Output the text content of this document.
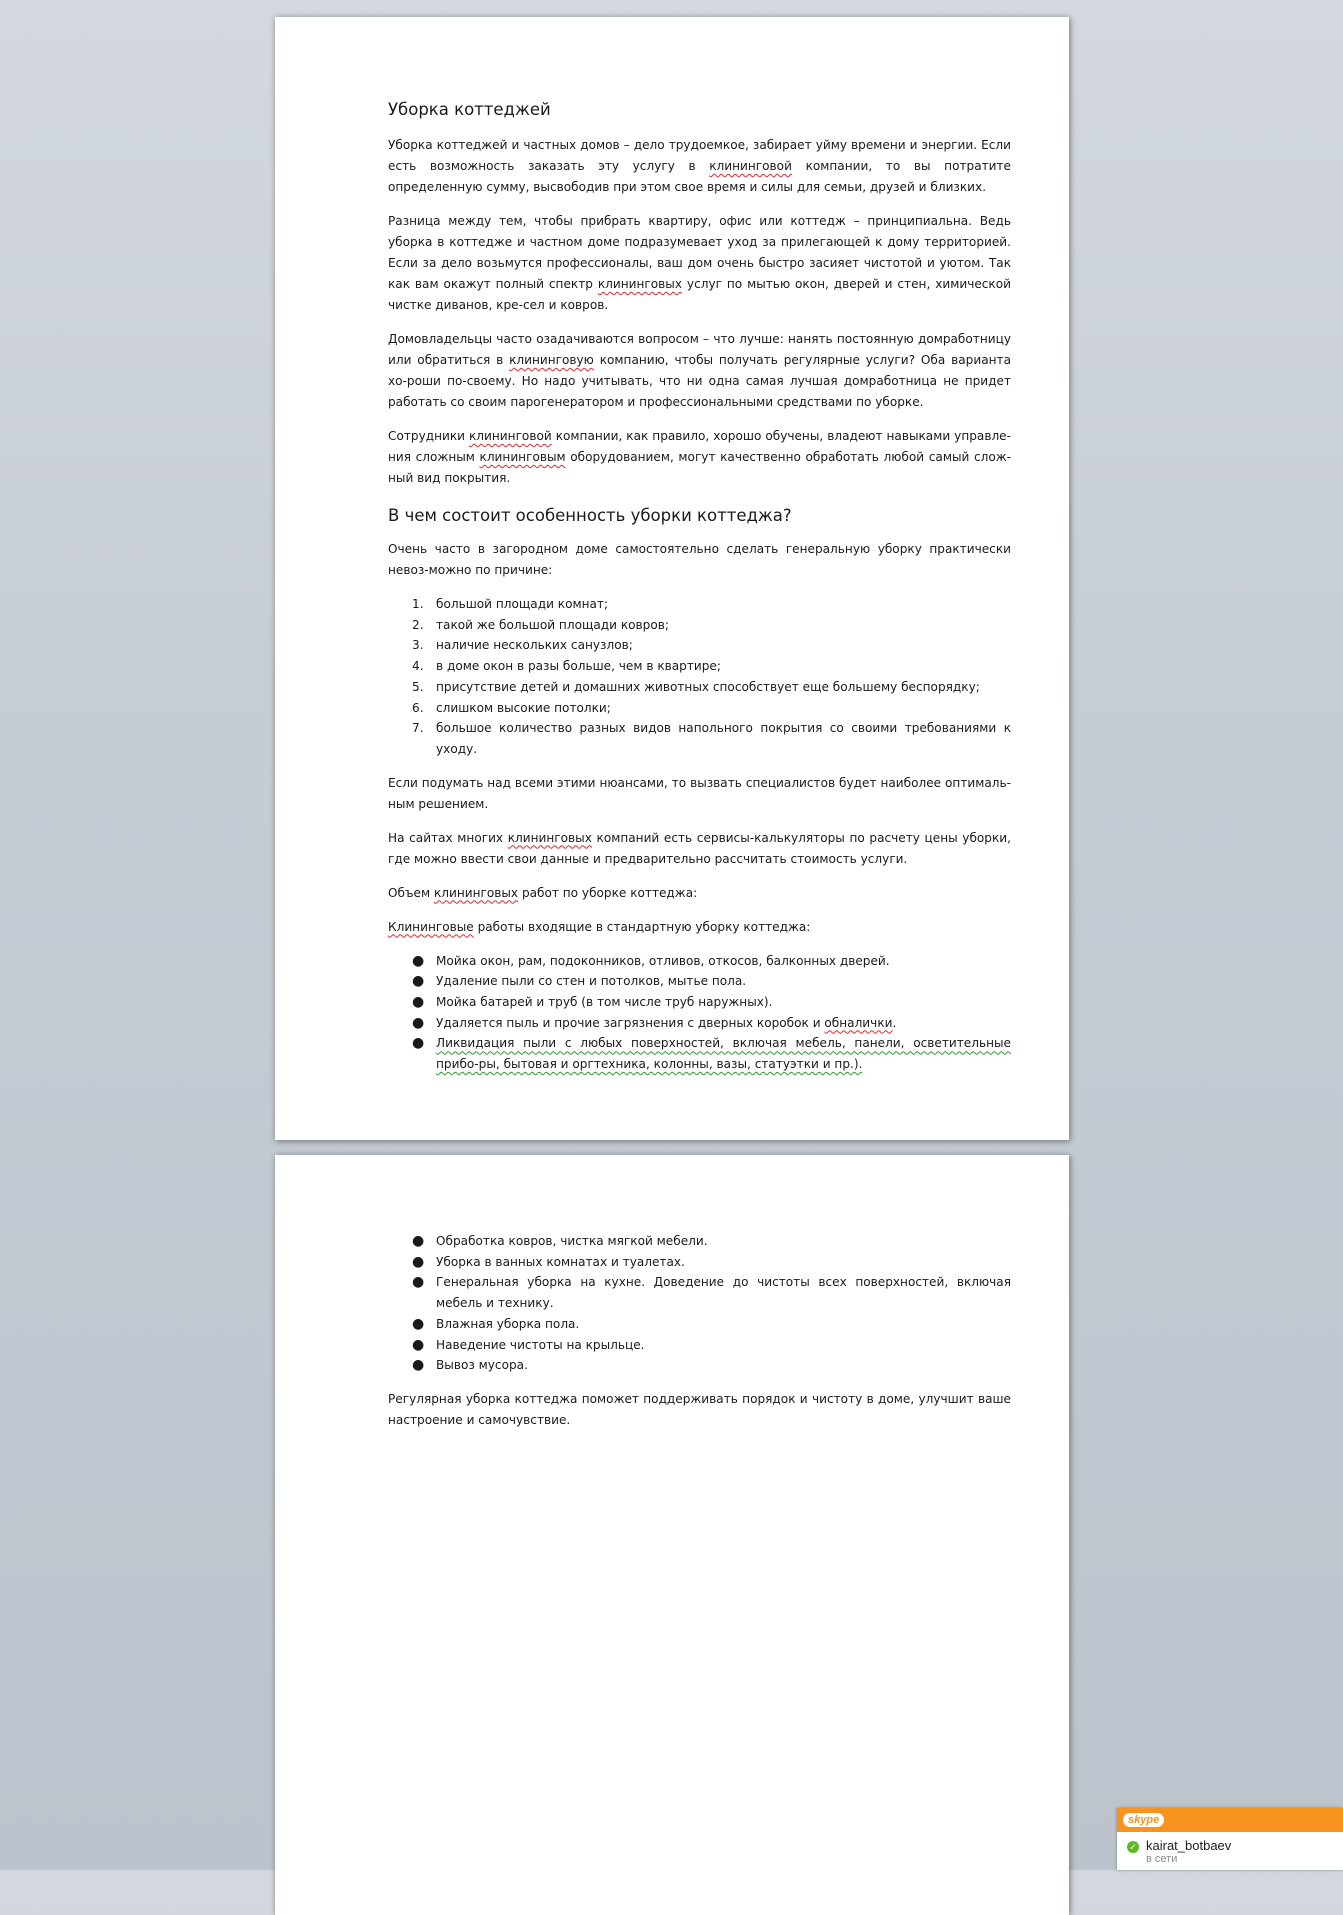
Уборка коттеджей

Уборка коттеджей и частных домов – дело трудоемкое, забирает уйму времени и энергии. Если есть возможность заказать эту услугу в клининговой компании, то вы потратите определенную сумму, высвободив при этом свое время и силы для семьи, друзей и близких.

Разница между тем, чтобы прибрать квартиру, офис или коттедж – принципиальна. Ведь уборка в коттедже и частном доме подразумевает уход за прилегающей к дому территорией. Если за дело возьмутся профессионалы, ваш дом очень быстро засияет чистотой и уютом. Так как вам окажут полный спектр клининговых услуг по мытью окон, дверей и стен, химической чистке диванов, кре-сел и ковров.

Домовладельцы часто озадачиваются вопросом – что лучше: нанять постоянную домработницу или обратиться в клининговую компанию, чтобы получать регулярные услуги? Оба варианта хо-роши по-своему. Но надо учитывать, что ни одна самая лучшая домработница не придет работать со своим парогенератором и профессиональными средствами по уборке.

Сотрудники клининговой компании, как правило, хорошо обучены, владеют навыками управле-ния сложным клининговым оборудованием, могут качественно обработать любой самый слож-ный вид покрытия.

В чем состоит особенность уборки коттеджа?

Очень часто в загородном доме самостоятельно сделать генеральную уборку практически невоз-можно по причине:

1. большой площади комнат;
2. такой же большой площади ковров;
3. наличие нескольких санузлов;
4. в доме окон в разы больше, чем в квартире;
5. присутствие детей и домашних животных способствует еще большему беспорядку;
6. слишком высокие потолки;
7. большое количество разных видов напольного покрытия со своими требованиями к уходу.

Если подумать над всеми этими нюансами, то вызвать специалистов будет наиболее оптималь-ным решением.

На сайтах многих клининговых компаний есть сервисы-калькуляторы по расчету цены уборки, где можно ввести свои данные и предварительно рассчитать стоимость услуги.

Объем клининговых работ по уборке коттеджа:

Клининговые работы входящие в стандартную уборку коттеджа:

● Мойка окон, рам, подоконников, отливов, откосов, балконных дверей.
● Удаление пыли со стен и потолков, мытье пола.
● Мойка батарей и труб (в том числе труб наружных).
● Удаляется пыль и прочие загрязнения с дверных коробок и обналички.
● Ликвидация пыли с любых поверхностей, включая мебель, панели, осветительные прибо-ры, бытовая и оргтехника, колонны, вазы, статуэтки и пр.).
● Обработка ковров, чистка мягкой мебели.
● Уборка в ванных комнатах и туалетах.
● Генеральная уборка на кухне. Доведение до чистоты всех поверхностей, включая мебель и технику.
● Влажная уборка пола.
● Наведение чистоты на крыльце.
● Вывоз мусора.

Регулярная уборка коттеджа поможет поддерживать порядок и чистоту в доме, улучшит ваше настроение и самочувствие.

skype
✓ kairat_botbaev
в сети
